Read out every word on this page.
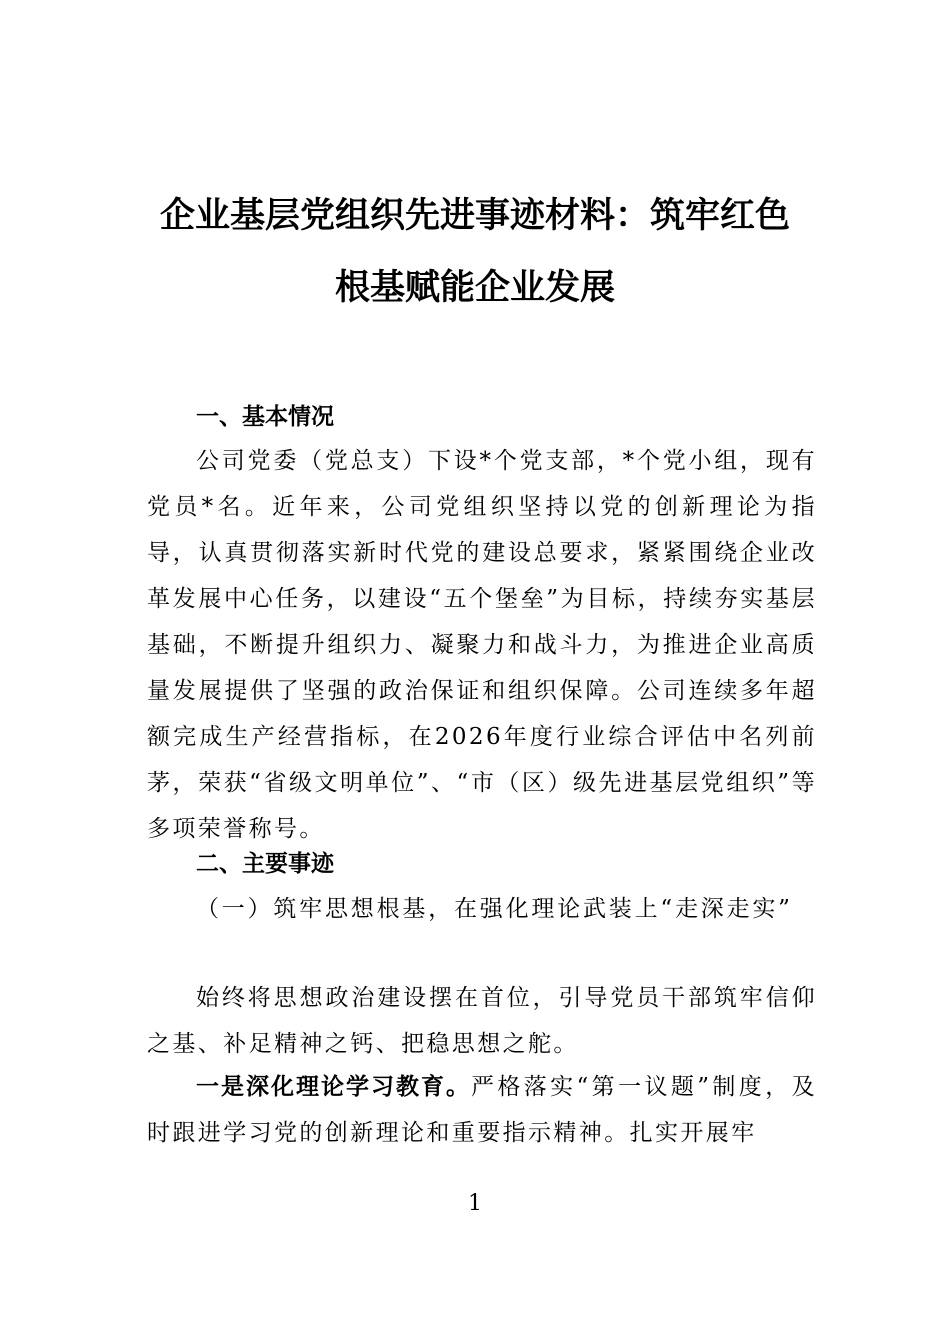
企业基层党组织先进事迹材料：筑牢红色
根基赋能企业发展
一、基本情况

公司党委（党总支）下设*个党支部，*个党小组，现有党员*名。近年来，公司党组织坚持以党的创新理论为指导，认真贯彻落实新时代党的建设总要求，紧紧围绕企业改革发展中心任务，以建设“五个堡垒”为目标，持续夯实基层基础，不断提升组织力、凝聚力和战斗力，为推进企业高质量发展提供了坚强的政治保证和组织保障。公司连续多年超额完成生产经营指标，在2026年度行业综合评估中名列前茅，荣获“省级文明单位”、“市（区）级先进基层党组织”等多项荣誉称号。

二、主要事迹

（一）筑牢思想根基，在强化理论武装上“走深走实”

始终将思想政治建设摆在首位，引导党员干部筑牢信仰之基、补足精神之钙、把稳思想之舵。

一是深化理论学习教育。严格落实“第一议题”制度，及时跟进学习党的创新理论和重要指示精神。扎实开展牢

1
